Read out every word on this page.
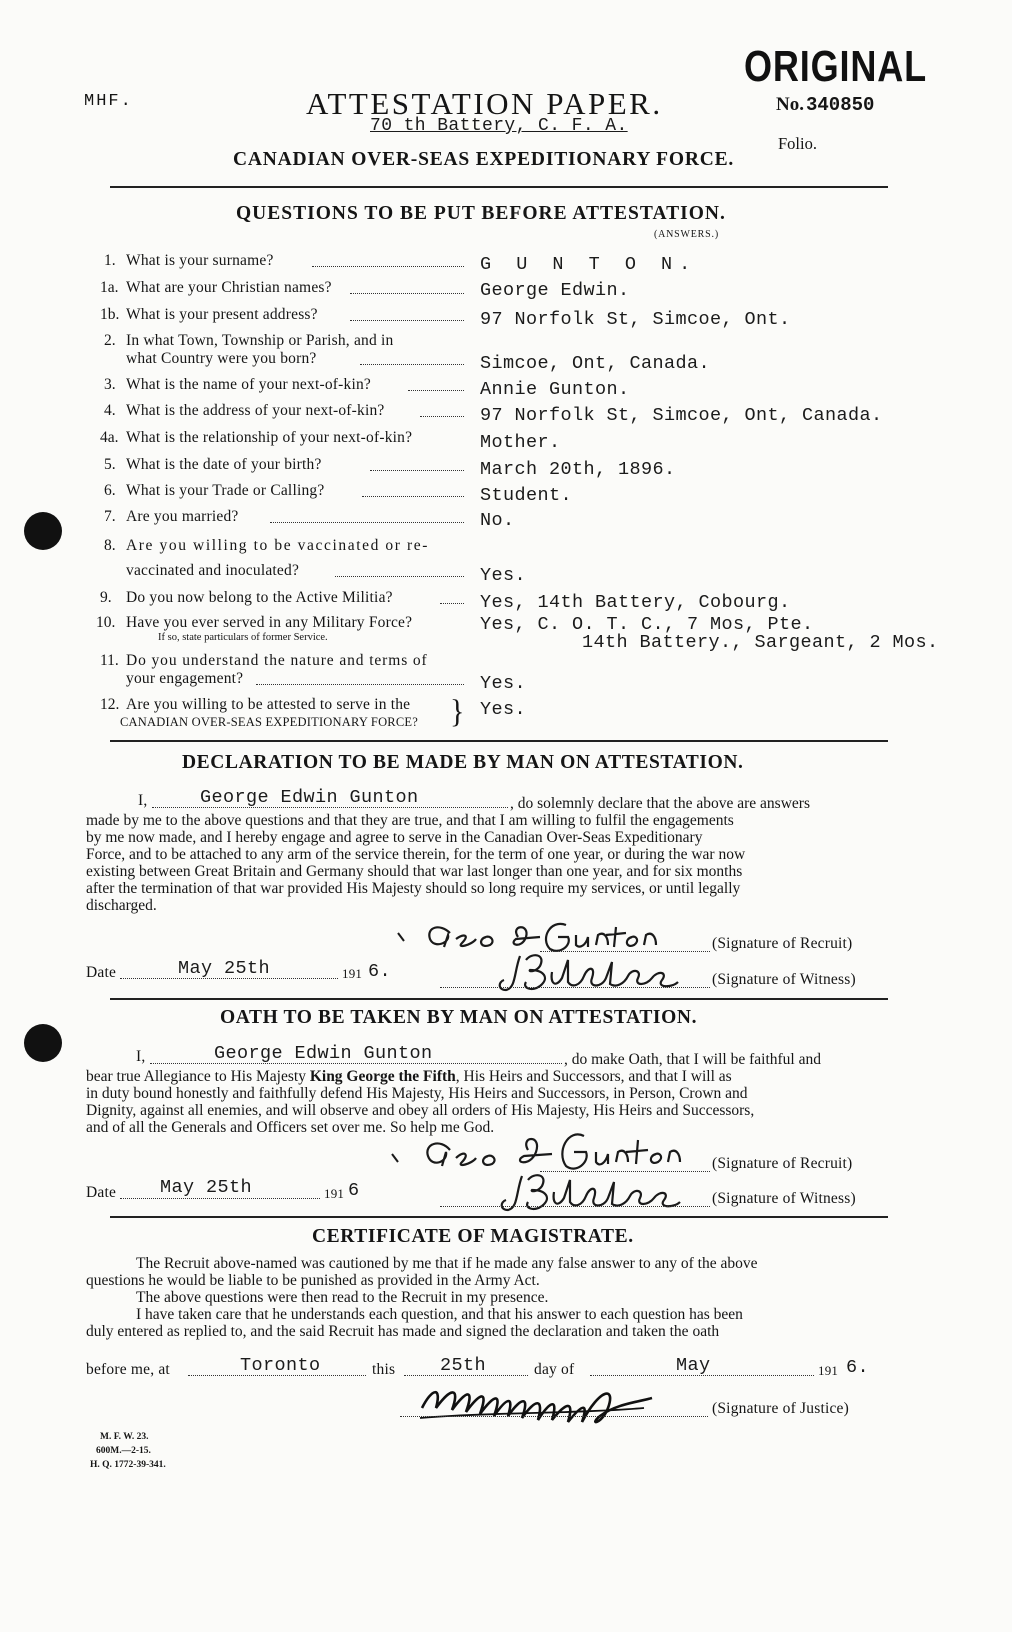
MHF.	ATTESTATION PAPER.
70 th Battery, C. F. A.
CANADIAN OVER-SEAS EXPEDITIONARY FORCE.
ORIGINAL
No. 340850
Folio.
QUESTIONS TO BE PUT BEFORE ATTESTATION.
(ANSWERS.)
1. What is your surname?	G U N T O N.
1a. What are your Christian names?	George Edwin.
1b. What is your present address?	97 Norfolk St, Simcoe, Ont.
2. In what Town, Township or Parish, and in
what Country were you born?	Simcoe, Ont, Canada.
3. What is the name of your next-of-kin?	Annie Gunton.
4. What is the address of your next-of-kin?	97 Norfolk St, Simcoe, Ont, Canada.
4a. What is the relationship of your next-of-kin?	Mother.
5. What is the date of your birth?	March 20th, 1896.
6. What is your Trade or Calling?	Student.
7. Are you married?	No.
8. Are you willing to be vaccinated or re-
vaccinated and inoculated?	Yes.
9. Do you now belong to the Active Militia?	Yes, 14th Battery, Cobourg.
10. Have you ever served in any Military Force?
If so, state particulars of former Service.
Yes, C. O. T. C., 7 Mos, Pte.
14th Battery., Sargeant, 2 Mos.
11. Do you understand the nature and terms of
your engagement?	Yes.
12. Are you willing to be attested to serve in the
CANADIAN OVER-SEAS EXPEDITIONARY FORCE? } Yes.
DECLARATION TO BE MADE BY MAN ON ATTESTATION.
I,	George Edwin Gunton	, do solemnly declare that the above are answers
made by me to the above questions and that they are true, and that I am willing to fulfil the engagements
by me now made, and I hereby engage and agree to serve in the Canadian Over-Seas Expeditionary
Force, and to be attached to any arm of the service therein, for the term of one year, or during the war now
existing between Great Britain and Germany should that war last longer than one year, and for six months
after the termination of that war provided His Majesty should so long require my services, or until legally
discharged.
(Signature of Recruit)
Date	May 25th	191 6.	(Signature of Witness)
OATH TO BE TAKEN BY MAN ON ATTESTATION.
I,	George Edwin Gunton	, do make Oath, that I will be faithful and
bear true Allegiance to His Majesty King George the Fifth, His Heirs and Successors, and that I will as
in duty bound honestly and faithfully defend His Majesty, His Heirs and Successors, in Person, Crown and
Dignity, against all enemies, and will observe and obey all orders of His Majesty, His Heirs and Successors,
and of all the Generals and Officers set over me. So help me God.
(Signature of Recruit)
Date May 25th	191 6	(Signature of Witness)
CERTIFICATE OF MAGISTRATE.
The Recruit above-named was cautioned by me that if he made any false answer to any of the above
questions he would be liable to be punished as provided in the Army Act.
The above questions were then read to the Recruit in my presence.
I have taken care that he understands each question, and that his answer to each question has been
duly entered as replied to, and the said Recruit has made and signed the declaration and taken the oath
before me, at	Toronto	this 25th	day of	May	191 6.
(Signature of Justice)
M. F. W. 23.
600M.—2-15.
H. Q. 1772-39-341.
